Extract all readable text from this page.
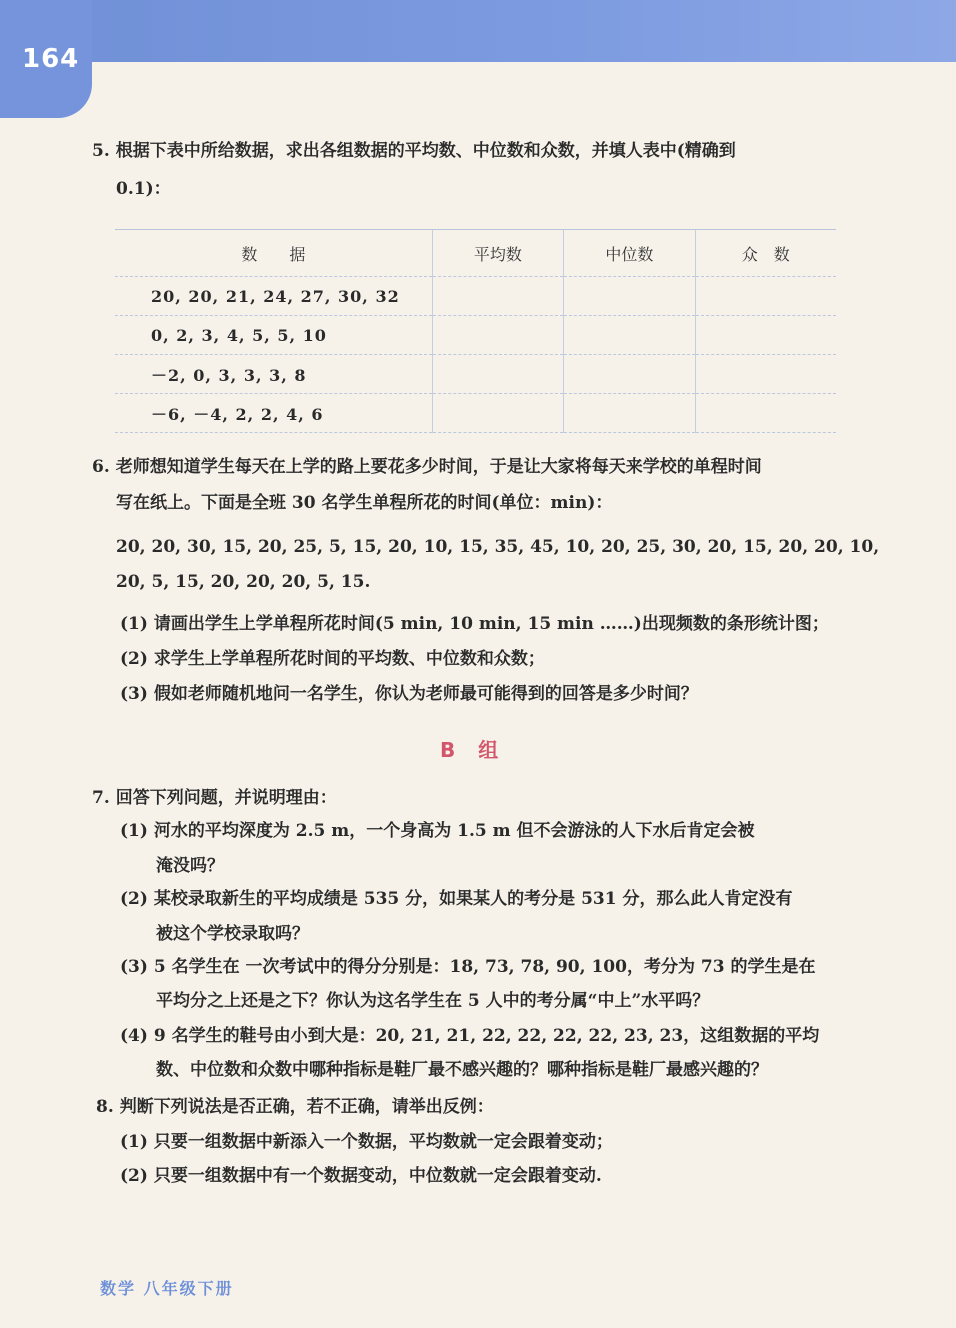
164
5. 根据下表中所给数据，求出各组数据的平均数、中位数和众数，并填人表中(精确到
0.1)：
数　　据	平均数	中位数	众　数
20, 20, 21, 24, 27, 30, 32			
0, 2, 3, 4, 5, 5, 10			
－2, 0, 3, 3, 3, 8			
－6, －4, 2, 2, 4, 6			
6. 老师想知道学生每天在上学的路上要花多少时间，于是让大家将每天来学校的单程时间
写在纸上。下面是全班 30 名学生单程所花的时间(单位：min)：
20, 20, 30, 15, 20, 25, 5, 15, 20, 10, 15, 35, 45, 10, 20, 25, 30, 20, 15, 20, 20, 10,
20, 5, 15, 20, 20, 20, 5, 15.
(1) 请画出学生上学单程所花时间(5 min, 10 min, 15 min ……)出现频数的条形统计图；
(2) 求学生上学单程所花时间的平均数、中位数和众数；
(3) 假如老师随机地问一名学生，你认为老师最可能得到的回答是多少时间？
B 组
7. 回答下列问题，并说明理由：
(1) 河水的平均深度为 2.5 m，一个身高为 1.5 m 但不会游泳的人下水后肯定会被
淹没吗？
(2) 某校录取新生的平均成绩是 535 分，如果某人的考分是 531 分，那么此人肯定没有
被这个学校录取吗？
(3) 5 名学生在 一次考试中的得分分别是：18, 73, 78, 90, 100，考分为 73 的学生是在
平均分之上还是之下？你认为这名学生在 5 人中的考分属“中上”水平吗？
(4) 9 名学生的鞋号由小到大是：20, 21, 21, 22, 22, 22, 22, 23, 23，这组数据的平均
数、中位数和众数中哪种指标是鞋厂最不感兴趣的？哪种指标是鞋厂最感兴趣的？
8. 判断下列说法是否正确，若不正确，请举出反例：
(1) 只要一组数据中新添入一个数据，平均数就一定会跟着变动；
(2) 只要一组数据中有一个数据变动，中位数就一定会跟着变动.
数学 八年级下册
